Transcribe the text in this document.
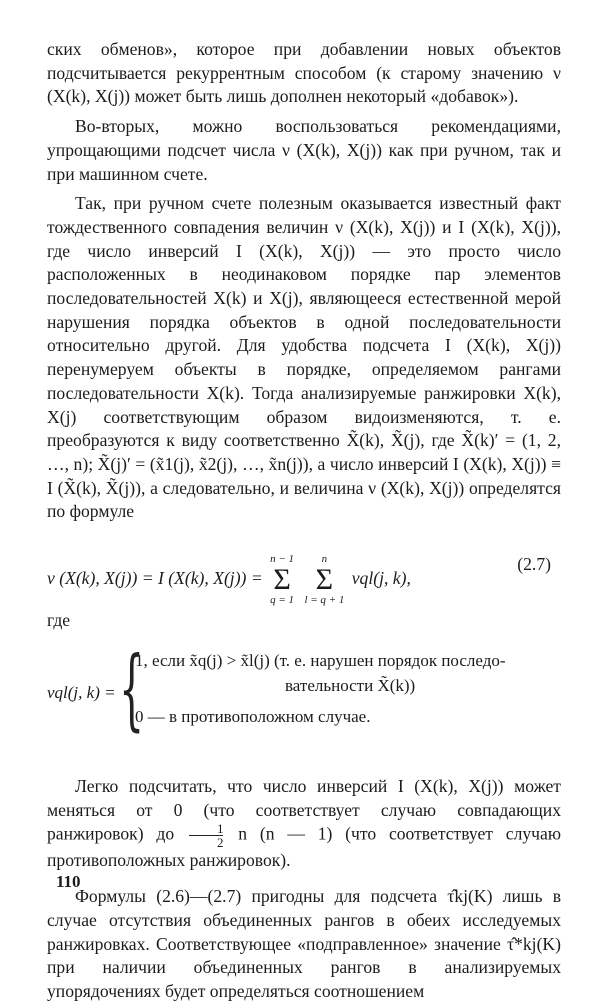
ских обменов», которое при добавлении новых объектов подсчитывается рекуррентным способом (к старому значению ν (X(k), X(j)) может быть лишь дополнен некоторый «добавок»).

Во-вторых, можно воспользоваться рекомендациями, упрощающими подсчет числа ν (X(k), X(j)) как при ручном, так и при машинном счете.

Так, при ручном счете полезным оказывается известный факт тождественного совпадения величин ν (X(k), X(j)) и I (X(k), X(j)), где число инверсий I (X(k), X(j)) — это просто число расположенных в неодинаковом порядке пар элементов последовательностей X(k) и X(j), являющееся естественной мерой нарушения порядка объектов в одной последовательности относительно другой. Для удобства подсчета I (X(k), X(j)) перенумеруем объекты в порядке, определяемом рангами последовательности X(k). Тогда анализируемые ранжировки X(k), X(j) соответствующим образом видоизменяются, т. е. преобразуются к виду соответственно X̃(k), X̃(j), где X̃(k)′ = (1, 2, …, n); X̃(j)′ = (x̃1(j), x̃2(j), …, x̃n(j)), а число инверсий I (X(k), X(j)) ≡ I (X̃(k), X̃(j)), а следовательно, и величина ν (X(k), X(j)) определятся по формуле

ν (X(k), X(j)) = I (X(k), X(j)) =
n − 1
Σ
q = 1

n
Σ
l = q + 1
νql(j, k),
(2.7)
где
νql(j, k) = {
1, если x̃q(j) > x̃l(j) (т. е. нарушен порядок последо-
вательности X̃(k))
0 — в противоположном случае.

Легко подсчитать, что число инверсий I (X(k), X(j)) может меняться от 0 (что соответствует случаю совпадающих ранжировок) до $\frac{1}{2}$ n (n — 1) (что соответствует случаю противоположных ранжировок).

Формулы (2.6)—(2.7) пригодны для подсчета τ̂kj(K) лишь в случае отсутствия объединенных рангов в обеих исследуемых ранжировках. Соответствующее «подправленное» значение τ̂*kj(K) при наличии объединенных рангов в анализируемых упорядочениях будет определяться соотношением

110
